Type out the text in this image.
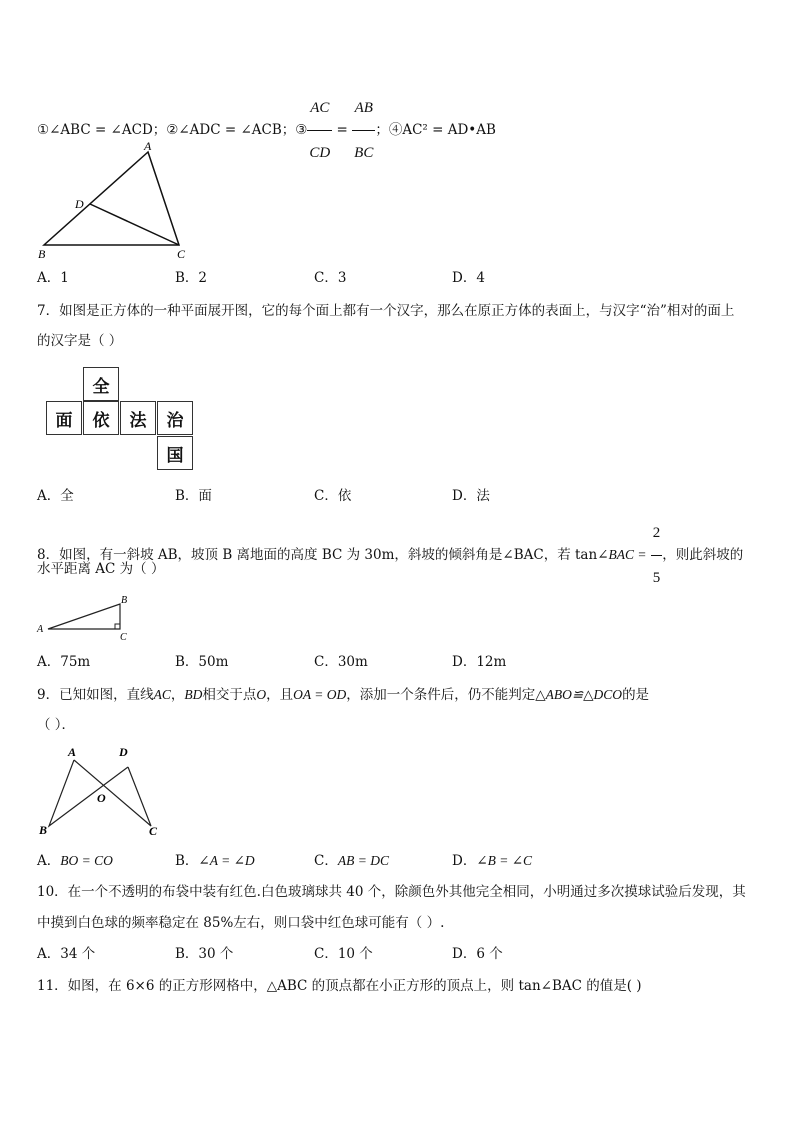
①∠ABC = ∠ACD；②∠ADC = ∠ACB；③ $\frac{AC}{CD} = \frac{AB}{BC}$ ；④AC² = AD•AB
A
D
B	C
A．1	B．2	C．3	D．4
7．如图是正方体的一种平面展开图，它的每个面上都有一个汉字，那么在原正方体的表面上，与汉字“治”相对的面上
的汉字是（ ）
全
面	依	法	治
国
A．全	B．面	C．依	D．法
8．如图，有一斜坡 AB，坡顶 B 离地面的高度 BC 为 30m，斜坡的倾斜角是∠BAC，若 tan∠BAC = $\frac{2}{5}$ ，则此斜坡的
水平距离 AC 为（ ）
A
B
C
A．75m	B．50m	C．30m	D．12m
9．已知如图，直线AC，BD相交于点O，且OA = OD，添加一个条件后，仍不能判定△ABO≌△DCO的是
（ ）．
A	D
O
B	C
A．BO = CO	B．∠A = ∠D	C．AB = DC	D．∠B = ∠C
10．在一个不透明的布袋中装有红色.白色玻璃球共 40 个，除颜色外其他完全相同，小明通过多次摸球试验后发现，其
中摸到白色球的频率稳定在 85%左右，则口袋中红色球可能有（ ）.
A．34 个	B．30 个	C．10 个	D．6 个
11．如图，在 6×6 的正方形网格中，△ABC 的顶点都在小正方形的顶点上，则 tan∠BAC 的值是( )
